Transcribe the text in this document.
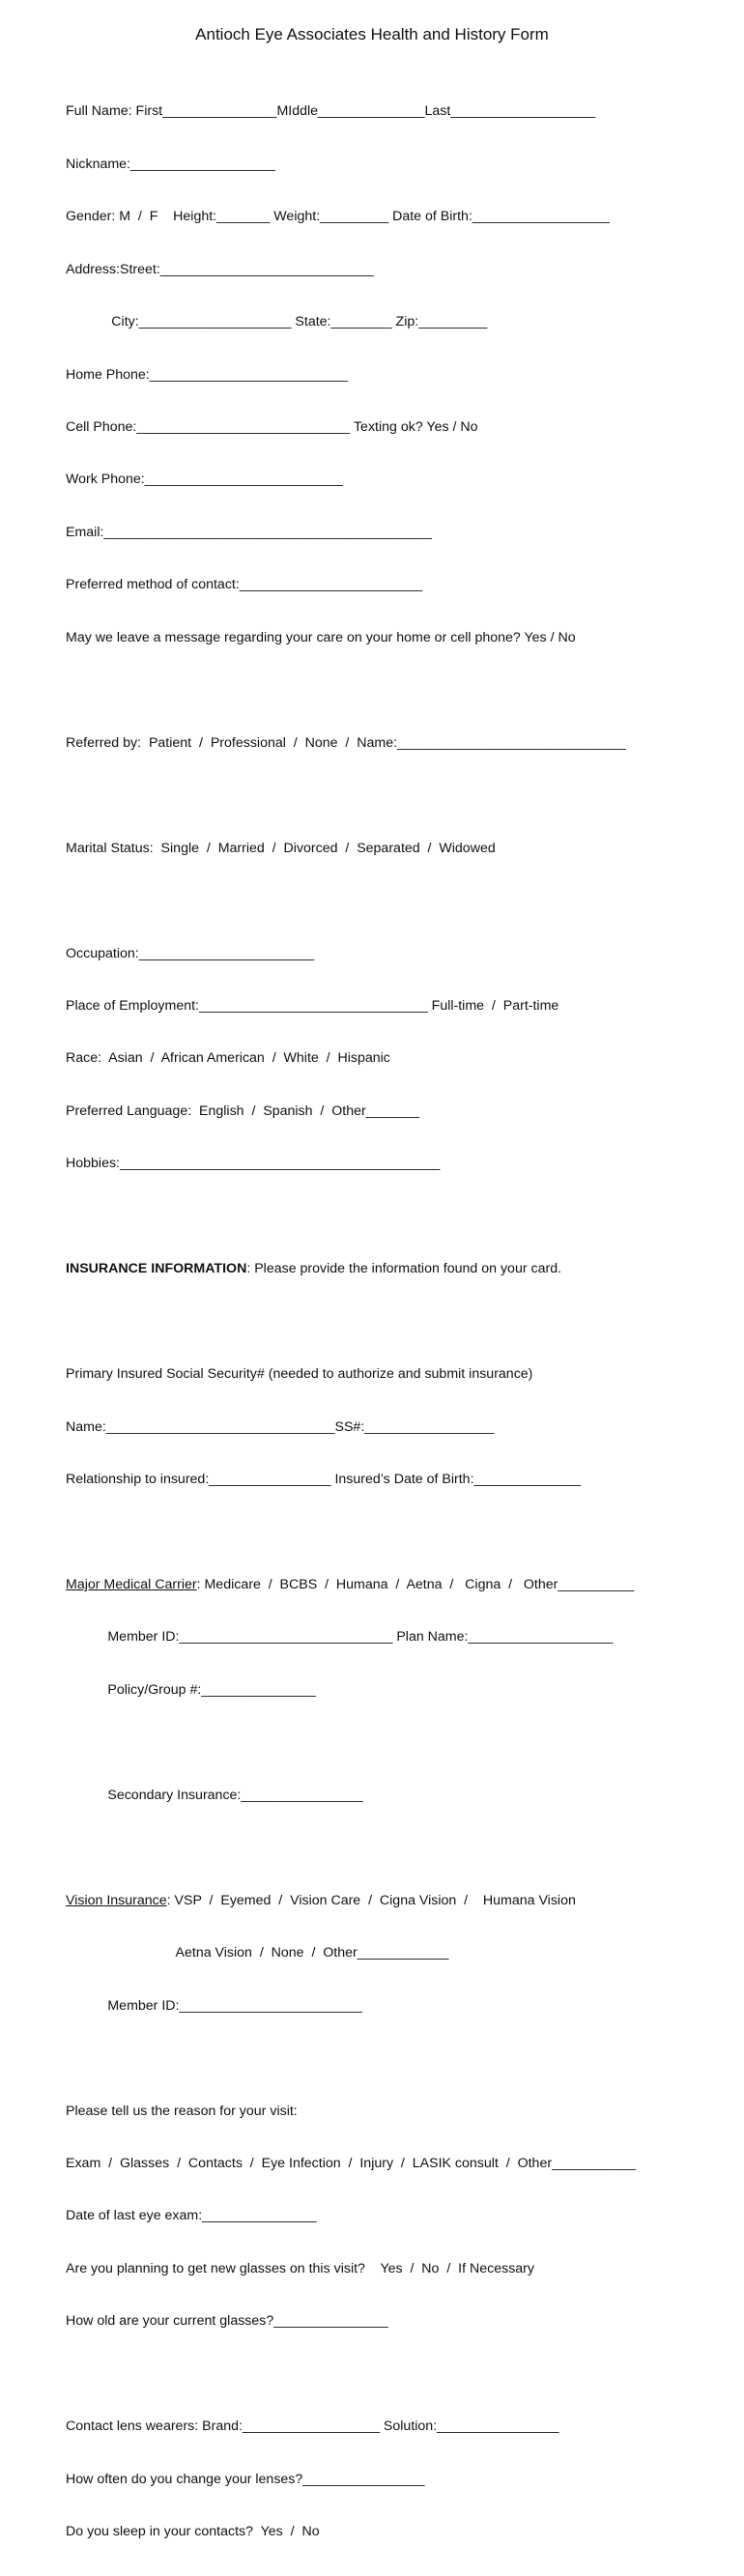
Antioch Eye Associates Health and History Form

Full Name: First_______________MIddle______________Last___________________

Nickname:___________________

Gender: M  /  F    Height:_______ Weight:_________ Date of Birth:__________________

Address:Street:____________________________

City:____________________ State:________ Zip:_________

Home Phone:__________________________

Cell Phone:____________________________ Texting ok? Yes / No

Work Phone:__________________________

Email:___________________________________________

Preferred method of contact:________________________

May we leave a message regarding your care on your home or cell phone? Yes / No

Referred by:  Patient  /  Professional  /  None  /  Name:______________________________

Marital Status:  Single  /  Married  /  Divorced  /  Separated  /  Widowed

Occupation:_______________________

Place of Employment:______________________________ Full-time  /  Part-time

Race:  Asian  /  African American  /  White  /  Hispanic

Preferred Language:  English  /  Spanish  /  Other_______

Hobbies:__________________________________________

INSURANCE INFORMATION: Please provide the information found on your card.

Primary Insured Social Security# (needed to authorize and submit insurance)

Name:______________________________SS#:_________________

Relationship to insured:________________ Insured’s Date of Birth:______________

Major Medical Carrier: Medicare  /  BCBS  /  Humana  /  Aetna  /   Cigna  /   Other__________

Member ID:____________________________ Plan Name:___________________

Policy/Group #:_______________

Secondary Insurance:________________

Vision Insurance: VSP  /  Eyemed  /  Vision Care  /  Cigna Vision  /    Humana Vision

Aetna Vision  /  None  /  Other____________

Member ID:________________________

Please tell us the reason for your visit:

Exam  /  Glasses  /  Contacts  /  Eye Infection  /  Injury  /  LASIK consult  /  Other___________

Date of last eye exam:_______________

Are you planning to get new glasses on this visit?    Yes  /  No  /  If Necessary

How old are your current glasses?_______________

Contact lens wearers: Brand:__________________ Solution:________________

How often do you change your lenses?________________

Do you sleep in your contacts?  Yes  /  No
